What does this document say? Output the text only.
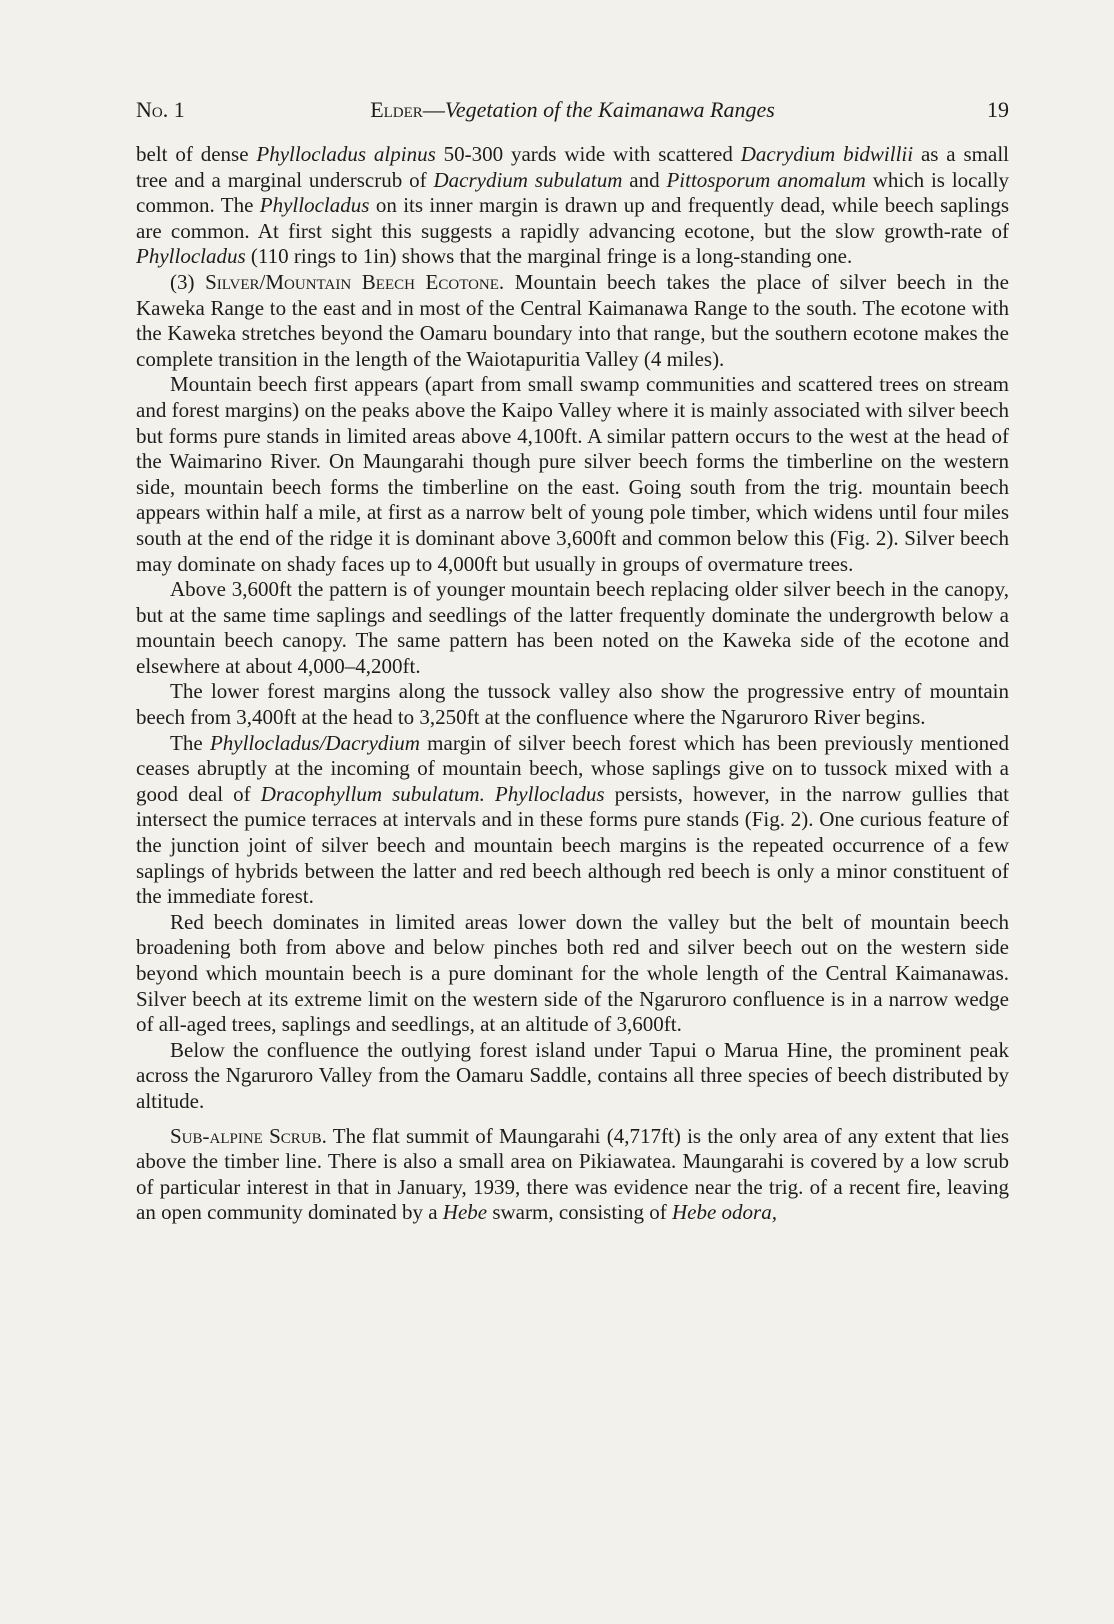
No. 1	Elder—Vegetation of the Kaimanawa Ranges	19

belt of dense Phyllocladus alpinus 50-300 yards wide with scattered Dacrydium bidwillii as a small tree and a marginal underscrub of Dacrydium subulatum and Pittosporum anomalum which is locally common. The Phyllocladus on its inner margin is drawn up and frequently dead, while beech saplings are common. At first sight this suggests a rapidly advancing ecotone, but the slow growth-rate of Phyllocladus (110 rings to 1in) shows that the marginal fringe is a long-standing one.

(3) Silver/Mountain Beech Ecotone. Mountain beech takes the place of silver beech in the Kaweka Range to the east and in most of the Central Kaimanawa Range to the south. The ecotone with the Kaweka stretches beyond the Oamaru boundary into that range, but the southern ecotone makes the complete transition in the length of the Waiotapuritia Valley (4 miles).

Mountain beech first appears (apart from small swamp communities and scattered trees on stream and forest margins) on the peaks above the Kaipo Valley where it is mainly associated with silver beech but forms pure stands in limited areas above 4,100ft. A similar pattern occurs to the west at the head of the Waimarino River. On Maungarahi though pure silver beech forms the timberline on the western side, mountain beech forms the timberline on the east. Going south from the trig. mountain beech appears within half a mile, at first as a narrow belt of young pole timber, which widens until four miles south at the end of the ridge it is dominant above 3,600ft and common below this (Fig. 2). Silver beech may dominate on shady faces up to 4,000ft but usually in groups of overmature trees.

Above 3,600ft the pattern is of younger mountain beech replacing older silver beech in the canopy, but at the same time saplings and seedlings of the latter frequently dominate the undergrowth below a mountain beech canopy. The same pattern has been noted on the Kaweka side of the ecotone and elsewhere at about 4,000–4,200ft.

The lower forest margins along the tussock valley also show the progressive entry of mountain beech from 3,400ft at the head to 3,250ft at the confluence where the Ngaruroro River begins.

The Phyllocladus/Dacrydium margin of silver beech forest which has been previously mentioned ceases abruptly at the incoming of mountain beech, whose saplings give on to tussock mixed with a good deal of Dracophyllum subulatum. Phyllocladus persists, however, in the narrow gullies that intersect the pumice terraces at intervals and in these forms pure stands (Fig. 2). One curious feature of the junction joint of silver beech and mountain beech margins is the repeated occurrence of a few saplings of hybrids between the latter and red beech although red beech is only a minor constituent of the immediate forest.

Red beech dominates in limited areas lower down the valley but the belt of mountain beech broadening both from above and below pinches both red and silver beech out on the western side beyond which mountain beech is a pure dominant for the whole length of the Central Kaimanawas. Silver beech at its extreme limit on the western side of the Ngaruroro confluence is in a narrow wedge of all-aged trees, saplings and seedlings, at an altitude of 3,600ft.

Below the confluence the outlying forest island under Tapui o Marua Hine, the prominent peak across the Ngaruroro Valley from the Oamaru Saddle, contains all three species of beech distributed by altitude.

Sub-alpine Scrub. The flat summit of Maungarahi (4,717ft) is the only area of any extent that lies above the timber line. There is also a small area on Pikiawatea. Maungarahi is covered by a low scrub of particular interest in that in January, 1939, there was evidence near the trig. of a recent fire, leaving an open community dominated by a Hebe swarm, consisting of Hebe odora,
